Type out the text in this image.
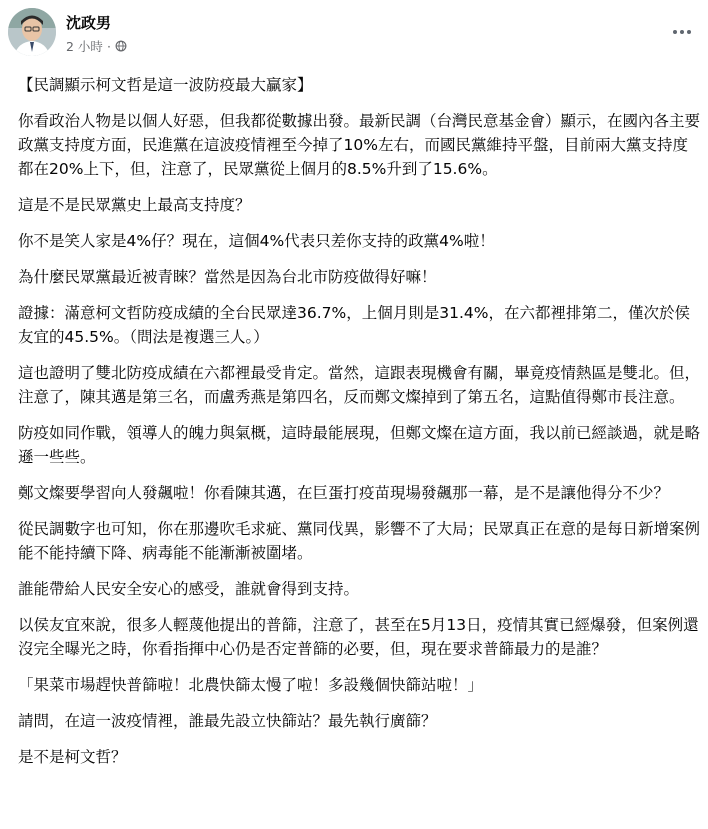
沈政男
2 小時 ·

【民調顯示柯文哲是這一波防疫最大贏家】

你看政治人物是以個人好惡，但我都從數據出發。最新民調（台灣民意基金會）顯示，在國內各主要政黨支持度方面，民進黨在這波疫情裡至今掉了10%左右，而國民黨維持平盤，目前兩大黨支持度都在20%上下，但，注意了，民眾黨從上個月的8.5%升到了15.6%。

這是不是民眾黨史上最高支持度？

你不是笑人家是4%仔？現在，這個4%代表只差你支持的政黨4%啦！

為什麼民眾黨最近被青睞？當然是因為台北市防疫做得好嘛！

證據：滿意柯文哲防疫成績的全台民眾達36.7%，上個月則是31.4%，在六都裡排第二，僅次於侯友宜的45.5%。（問法是複選三人。）

這也證明了雙北防疫成績在六都裡最受肯定。當然，這跟表現機會有關，畢竟疫情熱區是雙北。但，注意了，陳其邁是第三名，而盧秀燕是第四名，反而鄭文燦掉到了第五名，這點值得鄭市長注意。

防疫如同作戰，領導人的魄力與氣概，這時最能展現，但鄭文燦在這方面，我以前已經談過，就是略遜一些些。

鄭文燦要學習向人發飆啦！你看陳其邁，在巨蛋打疫苗現場發飆那一幕，是不是讓他得分不少？

從民調數字也可知，你在那邊吹毛求疵、黨同伐異，影響不了大局；民眾真正在意的是每日新增案例能不能持續下降、病毒能不能漸漸被圍堵。

誰能帶給人民安全安心的感受，誰就會得到支持。

以侯友宜來說，很多人輕蔑他提出的普篩，注意了，甚至在5月13日，疫情其實已經爆發，但案例還沒完全曝光之時，你看指揮中心仍是否定普篩的必要，但，現在要求普篩最力的是誰？

「果菜市場趕快普篩啦！北農快篩太慢了啦！多設幾個快篩站啦！」

請問，在這一波疫情裡，誰最先設立快篩站？最先執行廣篩？

是不是柯文哲？
